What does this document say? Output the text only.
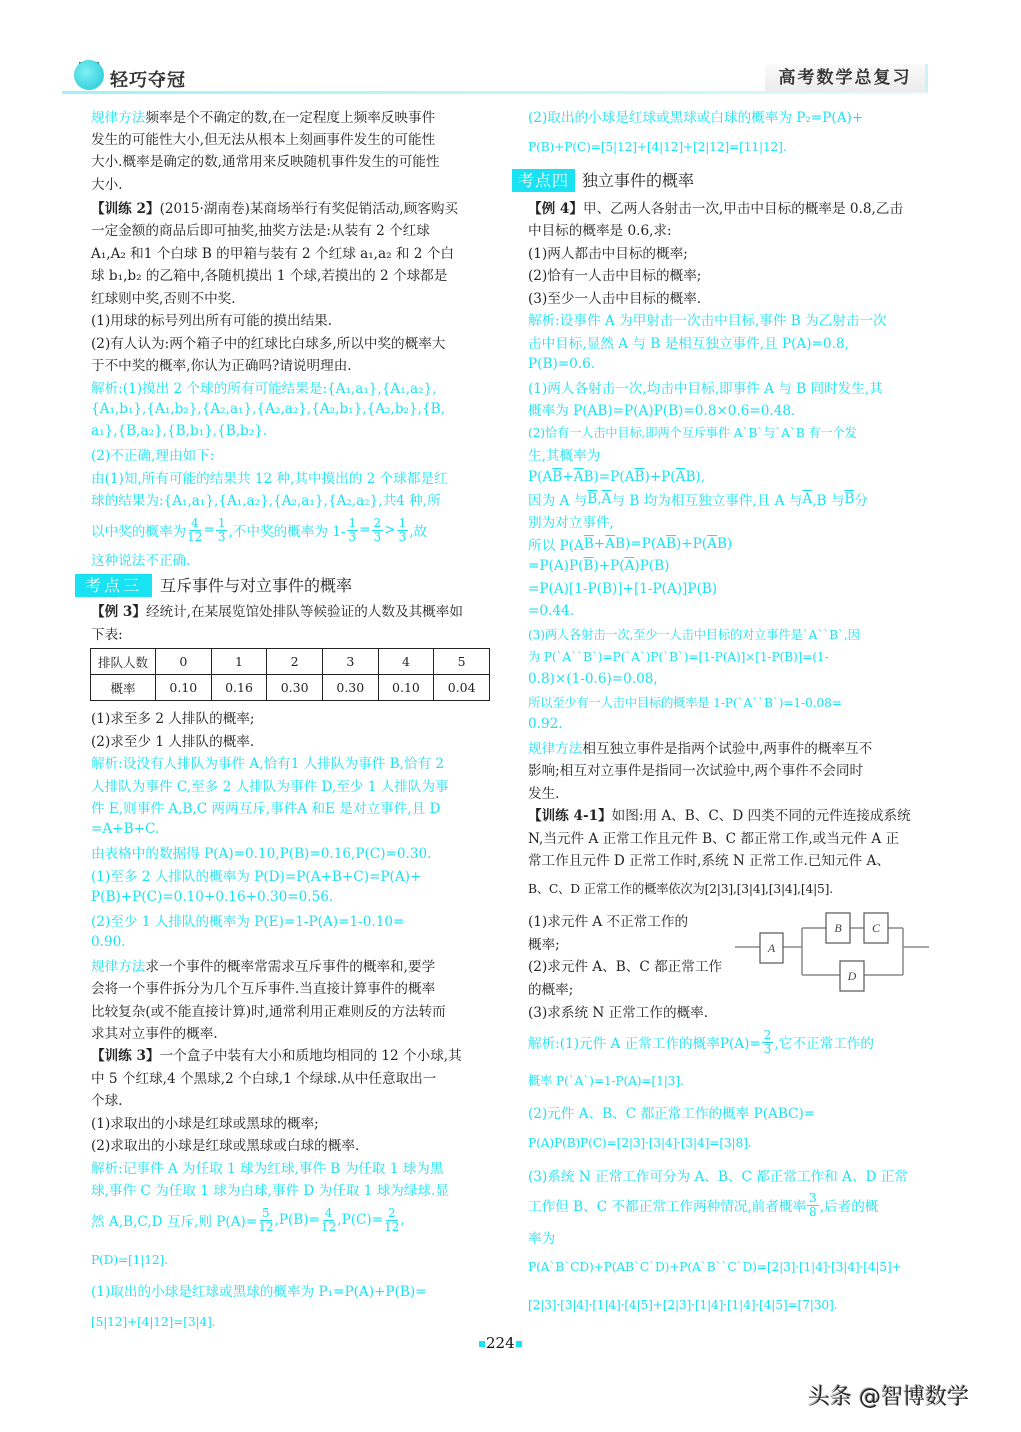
轻巧夺冠	高考数学总复习
规律方法 频率是个不确定的数,在一定程度上频率反映事件
发生的可能性大小,但无法从根本上刻画事件发生的可能性
大小.概率是确定的数,通常用来反映随机事件发生的可能性
大小.
【训练 2】 (2015·湖南卷)某商场举行有奖促销活动,顾客购买
一定金额的商品后即可抽奖,抽奖方法是:从装有 2 个红球
A₁,A₂ 和1 个白球 B 的甲箱与装有 2 个红球 a₁,a₂ 和 2 个白
球 b₁,b₂ 的乙箱中,各随机摸出 1 个球,若摸出的 2 个球都是
红球则中奖,否则不中奖.
(1)用球的标号列出所有可能的摸出结果.
(2)有人认为:两个箱子中的红球比白球多,所以中奖的概率大
于不中奖的概率,你认为正确吗?请说明理由.
解析:(1)摸出 2 个球的所有可能结果是:{A₁,a₁},{A₁,a₂},
{A₁,b₁},{A₁,b₂},{A₂,a₁},{A₂,a₂},{A₂,b₁},{A₂,b₂},{B,
a₁},{B,a₂},{B,b₁},{B,b₂}.
(2)不正确,理由如下:
由(1)知,所有可能的结果共 12 种,其中摸出的 2 个球都是红
球的结果为:{A₁,a₁},{A₁,a₂},{A₂,a₁},{A₂,a₂},共4 种,所
以中奖的概率为 $\frac{4}{12} = \frac{1}{3}$ ,不中奖的概率为 $1- \frac{1}{3} = \frac{2}{3} > \frac{1}{3}$ ,故
这种说法不正确.
【例 3】 经统计,在某展览馆处排队等候验证的人数及其概率如
下表:
(1)求至多 2 人排队的概率;
(2)求至少 1 人排队的概率.
解析:设没有人排队为事件 A,恰有1 人排队为事件 B,恰有 2
人排队为事件 C,至多 2 人排队为事件 D,至少 1 人排队为事
件 E,则事件 A,B,C 两两互斥,事件A 和E 是对立事件,且 D
=A+B+C.
由表格中的数据得 P(A)=0.10,P(B)=0.16,P(C)=0.30.
(1)至多 2 人排队的概率为 P(D)=P(A+B+C)=P(A)+
P(B)+P(C)=0.10+0.16+0.30=0.56.
(2)至少 1 人排队的概率为 P(E)=1-P(A)=1-0.10=
0.90.
规律方法 求一个事件的概率常需求互斥事件的概率和,要学
会将一个事件拆分为几个互斥事件.当直接计算事件的概率
比较复杂(或不能直接计算)时,通常利用正难则反的方法转而
求其对立事件的概率.
【训练 3】 一个盒子中装有大小和质地均相同的 12 个小球,其
中 5 个红球,4 个黑球,2 个白球,1 个绿球.从中任意取出一
个球.
(1)求取出的小球是红球或黑球的概率;
(2)求取出的小球是红球或黑球或白球的概率.
解析:记事件 A 为任取 1 球为红球,事件 B 为任取 1 球为黑
球,事件 C 为任取 1 球为白球,事件 D 为任取 1 球为绿球.显
然 A,B,C,D 互斥,则 $P(A)= \frac{5}{12} ,P(B)= \frac{4}{12} ,P(C)= \frac{2}{12}$ ,
P(D)=[1|12].
(1)取出的小球是红球或黑球的概率为 P₁=P(A)+P(B)=
[5|12]+[4|12]=[3|4].
(2)取出的小球是红球或黑球或白球的概率为 P₂=P(A)+
P(B)+P(C)=[5|12]+[4|12]+[2|12]=[11|12].
【例 4】 甲、乙两人各射击一次,甲击中目标的概率是 0.8,乙击
中目标的概率是 0.6,求:
(1)两人都击中目标的概率;
(2)恰有一人击中目标的概率;
(3)至少一人击中目标的概率.
解析:设事件 A 为甲射击一次击中目标,事件 B 为乙射击一次
击中目标,显然 A 与 B 是相互独立事件,且 P(A)=0.8,
P(B)=0.6.
(1)两人各射击一次,均击中目标,即事件 A 与 B 同时发生,其
概率为 P(AB)=P(A)P(B)=0.8×0.6=0.48.
(2)恰有一人击中目标,即两个互斥事件 A`B`与`A`B 有一个发
生,其概率为
P(A $\overline{B} + \overline{A}$ B)=P(A $\overline{B}$ )+P( $\overline{A}$ B),
因为 A 与 $\overline{B}$ , $\overline{A}$ 与 B 均为相互独立事件,且 A 与 $\overline{A}$ ,B 与 $\overline{B}$ 分
别为对立事件,
所以 P(A $\overline{B} + \overline{A}$ B)=P(A $\overline{B}$ )+P( $\overline{A}$ B)
=P(A)P( $\overline{B}$ )+P( $\overline{A}$ )P(B)
=P(A)[1-P(B)]+[1-P(A)]P(B)
=0.44.
(3)两人各射击一次,至少一人击中目标的对立事件是`A``B`,因
为 P(`A``B`)=P(`A`)P(`B`)=[1-P(A)]×[1-P(B)]=(1-
0.8)×(1-0.6)=0.08,
所以至少有一人击中目标的概率是 1-P(`A``B`)=1-0.08=
0.92.
规律方法 相互独立事件是指两个试验中,两事件的概率互不
影响;相互对立事件是指同一次试验中,两个事件不会同时
发生.
【训练 4-1】 如图:用 A、B、C、D 四类不同的元件连接成系统
N,当元件 A 正常工作且元件 B、C 都正常工作,或当元件 A 正
常工作且元件 D 正常工作时,系统 N 正常工作.已知元件 A、
B、C、D 正常工作的概率依次为[2|3],[3|4],[3|4],[4|5].
(1)求元件 A 不正常工作的
概率;
(2)求元件 A、B、C 都正常工作
的概率;
(3)求系统 N 正常工作的概率.
解析:(1)元件 A 正常工作的概率$P(A)= \frac{2}{3}$ ,它不正常工作的
概率 P(`A`)=1-P(A)=[1|3].
(2)元件 A、B、C 都正常工作的概率 P(ABC)=
P(A)P(B)P(C)=[2|3]·[3|4]·[3|4]=[3|8].
(3)系统 N 正常工作可分为 A、B、C 都正常工作和 A、D 正常
工作但 B、C 不都正常工作两种情况,前者概率 $\frac{3}{8}$ ,后者的概
率为
P(A`B`CD)+P(AB`C`D)+P(A`B``C`D)=[2|3]·[1|4]·[3|4]·[4|5]+
[2|3]·[3|4]·[1|4]·[4|5]+[2|3]·[1|4]·[1|4]·[4|5]=[7|30].
考点三	互斥事件与对立事件的概率
考点四 独立事件的概率
排队人数	0	1	2	3	4	5
概率	0.10	0.16	0.30	0.30	0.10	0.04
A
B	C
D
224
头条 @智博数学
